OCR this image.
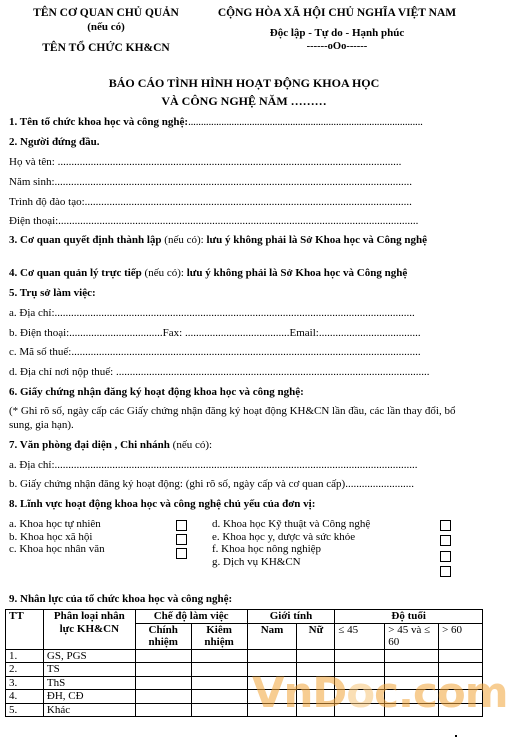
TÊN CƠ QUAN CHỦ QUẢN
(nếu có)
TÊN TỔ CHỨC KH&CN
CỘNG HÒA XÃ HỘI CHỦ NGHĨA VIỆT NAM
Độc lập - Tự do - Hạnh phúc
------oOo------
BÁO CÁO TÌNH HÌNH HOẠT ĐỘNG KHOA HỌC
VÀ CÔNG NGHỆ NĂM ………
1. Tên tổ chức khoa học và công nghệ:............................................................................................
2. Người đứng đầu.
Họ và tên: .............................................................................................................................
Năm sinh:..................................................................................................................................
Trình độ đào tạo:.......................................................................................................................
Điện thoại:...................................................................................................................................
3. Cơ quan quyết định thành lập (nếu có): lưu ý không phải là Sở Khoa học và Công nghệ
4. Cơ quan quản lý trực tiếp (nếu có): lưu ý không phải là Sở Khoa học và Công nghệ
5. Trụ sở làm việc:
a. Địa chỉ:...................................................................................................................................
b. Điện thoại:..................................Fax: ......................................Email:.....................................
c. Mã số thuế:...............................................................................................................................
d. Địa chỉ nơi nộp thuế: ..................................................................................................................
6. Giấy chứng nhận đăng ký hoạt động khoa học và công nghệ:
(* Ghi rõ số, ngày cấp các Giấy chứng nhận đăng ký hoạt động KH&CN lần đầu, các lần thay đổi, bổ sung, gia hạn).
7. Văn phòng đại diện , Chi nhánh (nếu có):
a. Địa chỉ:....................................................................................................................................
b. Giấy chứng nhận đăng ký hoạt động: (ghi rõ số, ngày cấp và cơ quan cấp).........................
8. Lĩnh vực hoạt động khoa học và công nghệ chủ yếu của đơn vị:
a. Khoa học tự nhiên
b. Khoa học xã hội
c. Khoa học nhân văn
d. Khoa học Kỹ thuật và Công nghệ
e. Khoa học y, dược và sức khỏe
f. Khoa học nông nghiệp
g. Dịch vụ KH&CN
9. Nhân lực của tổ chức khoa học và công nghệ:
TT	Phân loại nhân lực KH&CN	Chế độ làm việc		Giới tính		Độ tuổi		
		Chính nhiệm	Kiêm nhiệm	Nam	Nữ	≤ 45	> 45 và ≤ 60	> 60
1.	GS, PGS							
2.	TS							
3.	ThS							
4.	ĐH, CĐ							
5.	Khác								VnDoc.com
